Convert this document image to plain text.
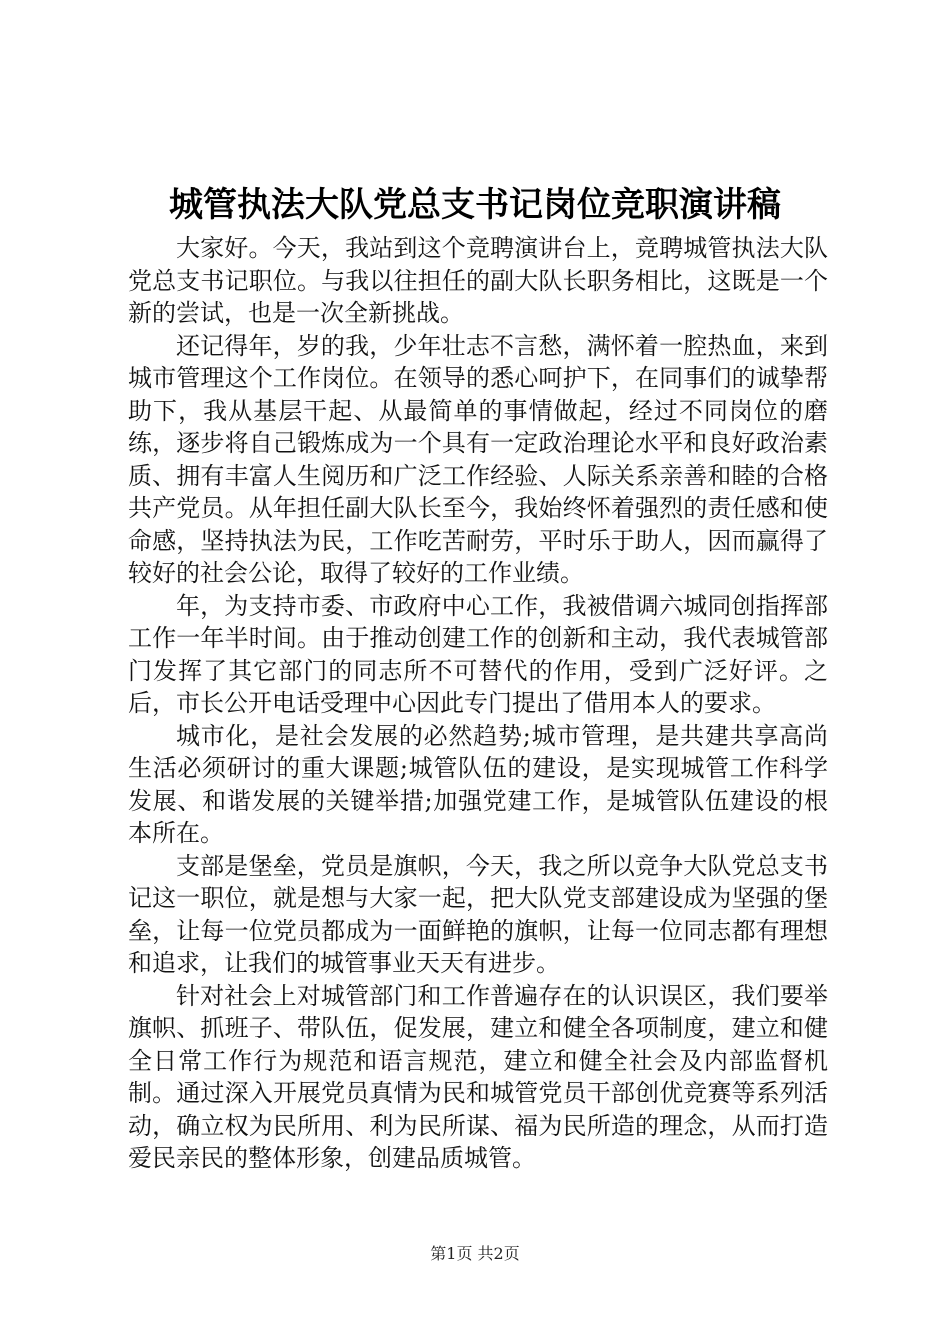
城管执法大队党总支书记岗位竞职演讲稿

大家好。今天，我站到这个竞聘演讲台上，竞聘城管执法大队党总支书记职位。与我以往担任的副大队长职务相比，这既是一个新的尝试，也是一次全新挑战。

还记得年，岁的我，少年壮志不言愁，满怀着一腔热血，来到城市管理这个工作岗位。在领导的悉心呵护下，在同事们的诚挚帮助下，我从基层干起、从最简单的事情做起，经过不同岗位的磨练，逐步将自己锻炼成为一个具有一定政治理论水平和良好政治素质、拥有丰富人生阅历和广泛工作经验、人际关系亲善和睦的合格共产党员。从年担任副大队长至今，我始终怀着强烈的责任感和使命感，坚持执法为民，工作吃苦耐劳，平时乐于助人，因而赢得了较好的社会公论，取得了较好的工作业绩。

年，为支持市委、市政府中心工作，我被借调六城同创指挥部工作一年半时间。由于推动创建工作的创新和主动，我代表城管部门发挥了其它部门的同志所不可替代的作用，受到广泛好评。之后，市长公开电话受理中心因此专门提出了借用本人的要求。

城市化，是社会发展的必然趋势;城市管理，是共建共享高尚生活必须研讨的重大课题;城管队伍的建设，是实现城管工作科学发展、和谐发展的关键举措;加强党建工作，是城管队伍建设的根本所在。

支部是堡垒，党员是旗帜，今天，我之所以竞争大队党总支书记这一职位，就是想与大家一起，把大队党支部建设成为坚强的堡垒，让每一位党员都成为一面鲜艳的旗帜，让每一位同志都有理想和追求，让我们的城管事业天天有进步。

针对社会上对城管部门和工作普遍存在的认识误区，我们要举旗帜、抓班子、带队伍，促发展，建立和健全各项制度，建立和健全日常工作行为规范和语言规范，建立和健全社会及内部监督机制。通过深入开展党员真情为民和城管党员干部创优竞赛等系列活动，确立权为民所用、利为民所谋、福为民所造的理念，从而打造爱民亲民的整体形象，创建品质城管。

第1页 共2页
